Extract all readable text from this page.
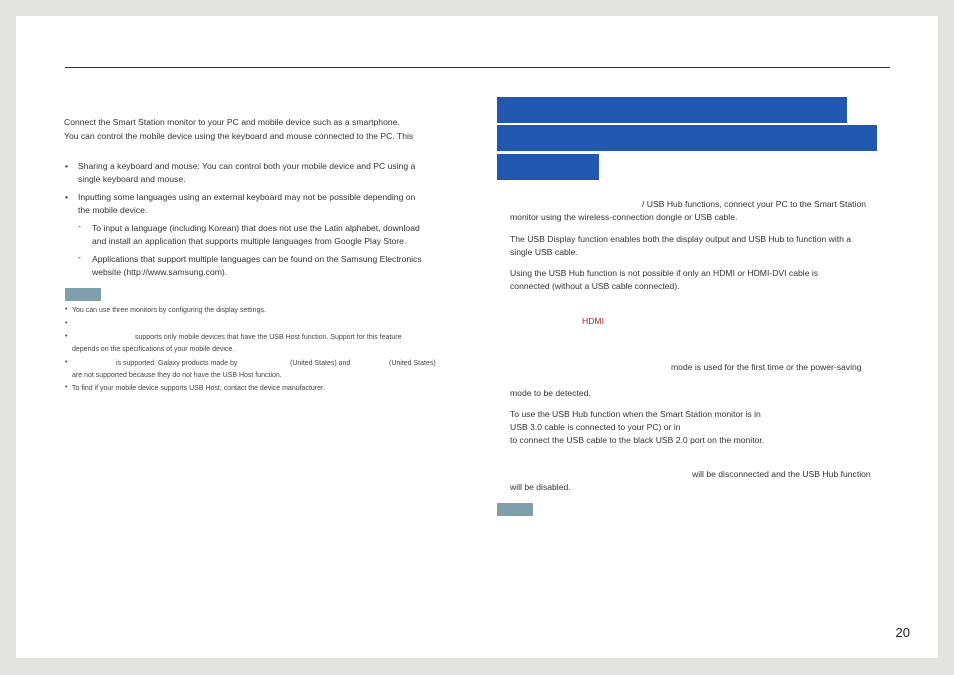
Connect the Smart Station monitor to your PC and mobile device such as a smartphone.
You can control the mobile device using the keyboard and mouse connected to the PC. This
• Sharing a keyboard and mouse: You can control both your mobile device and PC using a
single keyboard and mouse.
• Inputting some languages using an external keyboard may not be possible depending on
the mobile device.
- To input a language (including Korean) that does not use the Latin alphabet, download
and install an application that supports multiple languages from Google Play Store.
- Applications that support multiple languages can be found on the Samsung Electronics
website (http://www.samsung.com).
• You can use three monitors by configuring the display settings.
•
•	supports only mobile devices that have the USB Host function. Support for this feature
depends on the specifications of your mobile device.
•	is supported. Galaxy products made by	(United States) and	(United States)
are not supported because they do not have the USB Host function.
• To find if your mobile device supports USB Host, contact the device manufacturer.
/ USB Hub functions, connect your PC to the Smart Station
monitor using the wireless-connection dongle or USB cable.
The USB Display function enables both the display output and USB Hub to function with a
single USB cable.
Using the USB Hub function is not possible if only an HDMI or HDMI-DVI cable is
connected (without a USB cable connected).
HDMI
mode is used for the first time or the power-saving
mode to be detected.
To use the USB Hub function when the Smart Station monitor is in
USB 3.0 cable is connected to your PC) or in
to connect the USB cable to the black USB 2.0 port on the monitor.
will be disconnected and the USB Hub function
will be disabled.
20
